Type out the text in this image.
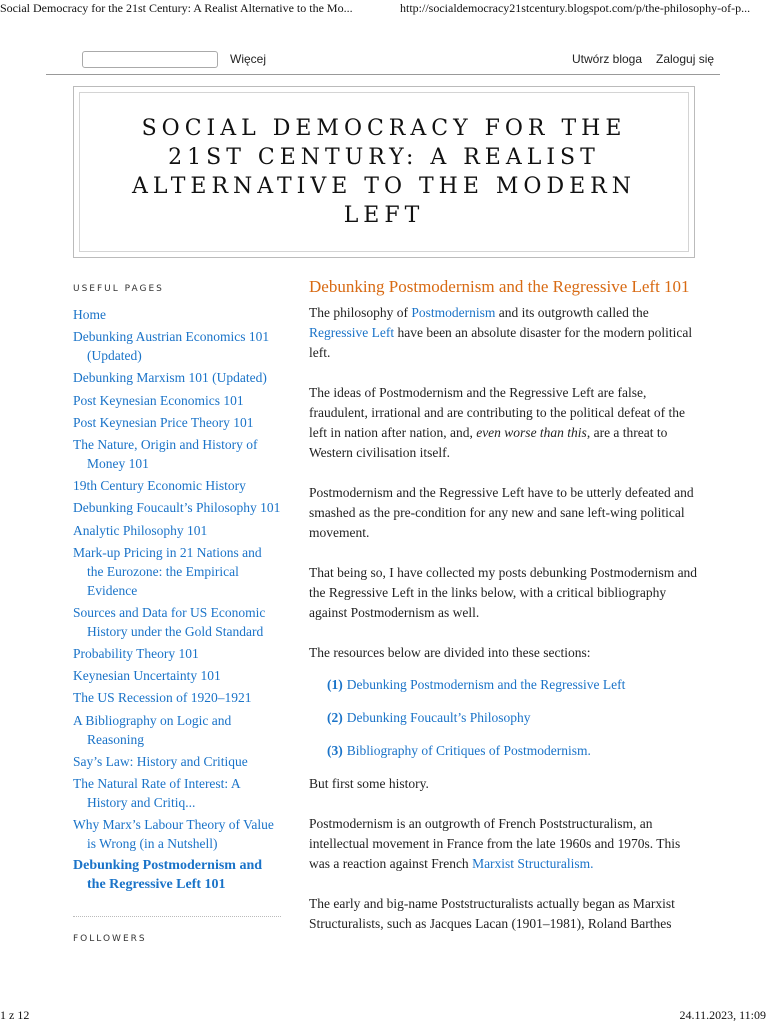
Social Democracy for the 21st Century: A Realist Alternative to the Mo...	http://socialdemocracy21stcentury.blogspot.com/p/the-philosophy-of-p...
Więcej	Utwórz bloga Zaloguj się
SOCIAL DEMOCRACY FOR THE 21ST CENTURY: A REALIST ALTERNATIVE TO THE MODERN LEFT
USEFUL PAGES
Home
Debunking Austrian Economics 101 (Updated)
Debunking Marxism 101 (Updated)
Post Keynesian Economics 101
Post Keynesian Price Theory 101
The Nature, Origin and History of Money 101
19th Century Economic History
Debunking Foucault’s Philosophy 101
Analytic Philosophy 101
Mark-up Pricing in 21 Nations and the Eurozone: the Empirical Evidence
Sources and Data for US Economic History under the Gold Standard
Probability Theory 101
Keynesian Uncertainty 101
The US Recession of 1920–1921
A Bibliography on Logic and Reasoning
Say’s Law: History and Critique
The Natural Rate of Interest: A History and Critiq...
Why Marx’s Labour Theory of Value is Wrong (in a Nutshell)
Debunking Postmodernism and the Regressive Left 101
FOLLOWERS
Debunking Postmodernism and the Regressive Left 101

The philosophy of Postmodernism and its outgrowth called the Regressive Left have been an absolute disaster for the modern political left.

The ideas of Postmodernism and the Regressive Left are false, fraudulent, irrational and are contributing to the political defeat of the left in nation after nation, and, even worse than this, are a threat to Western civilisation itself.

Postmodernism and the Regressive Left have to be utterly defeated and smashed as the pre-condition for any new and sane left-wing political movement.

That being so, I have collected my posts debunking Postmodernism and the Regressive Left in the links below, with a critical bibliography against Postmodernism as well.

The resources below are divided into these sections:

(1) Debunking Postmodernism and the Regressive Left
(2) Debunking Foucault’s Philosophy
(3) Bibliography of Critiques of Postmodernism.

But first some history.

Postmodernism is an outgrowth of French Poststructuralism, an intellectual movement in France from the late 1960s and 1970s. This was a reaction against French Marxist Structuralism.

The early and big-name Poststructuralists actually began as Marxist Structuralists, such as Jacques Lacan (1901–1981), Roland Barthes

1 z 12	24.11.2023, 11:09
